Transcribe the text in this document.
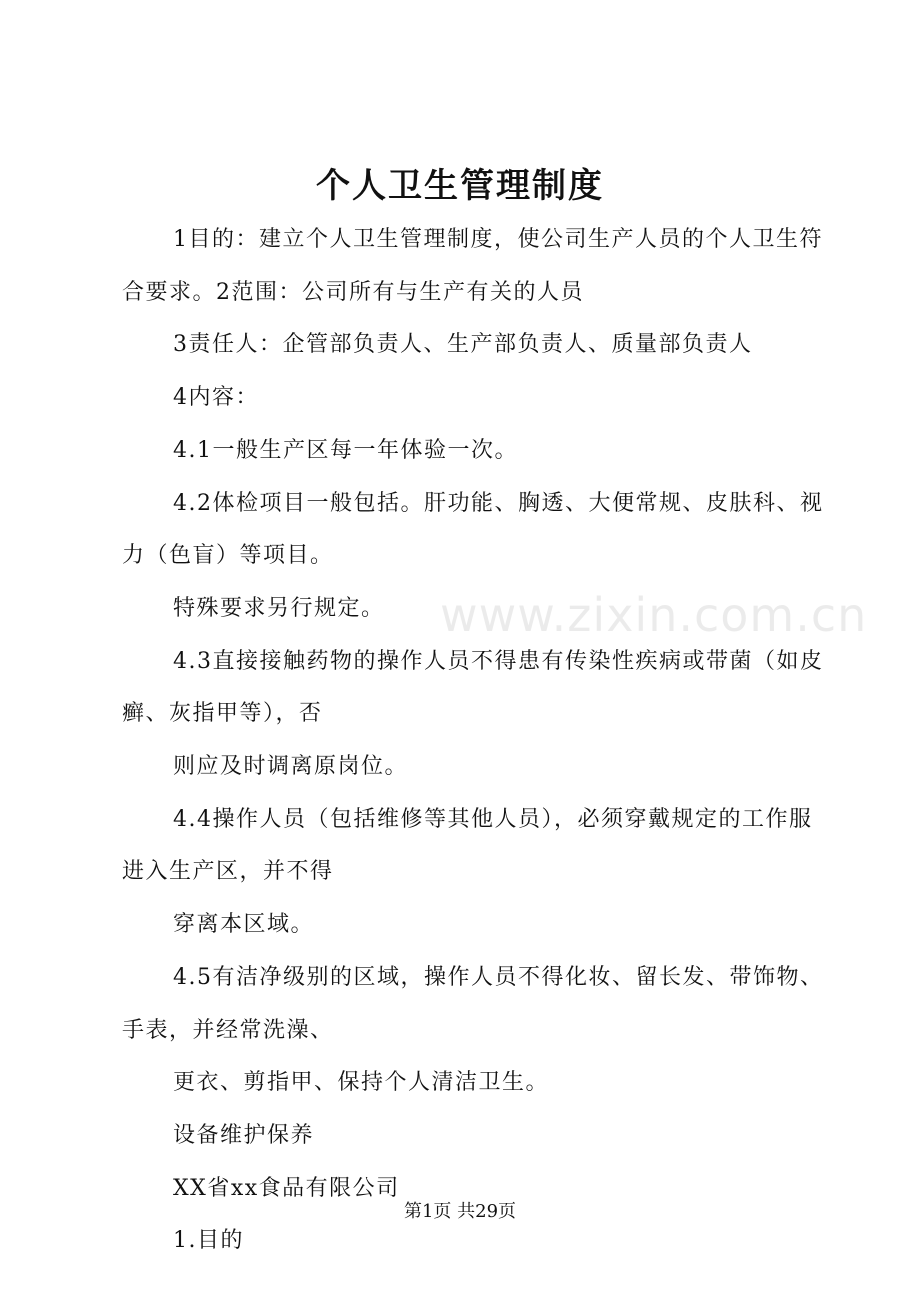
个人卫生管理制度

1目的：建立个人卫生管理制度，使公司生产人员的个人卫生符合要求。2范围：公司所有与生产有关的人员

3责任人：企管部负责人、生产部负责人、质量部负责人

4内容：

4.1一般生产区每一年体验一次。

4.2体检项目一般包括。肝功能、胸透、大便常规、皮肤科、视力（色盲）等项目。

特殊要求另行规定。

4.3直接接触药物的操作人员不得患有传染性疾病或带菌（如皮癣、灰指甲等），否

则应及时调离原岗位。

4.4操作人员（包括维修等其他人员），必须穿戴规定的工作服进入生产区，并不得

穿离本区域。

4.5有洁净级别的区域，操作人员不得化妆、留长发、带饰物、手表，并经常洗澡、

更衣、剪指甲、保持个人清洁卫生。

设备维护保养

XX省xx食品有限公司

1.目的

www.zixin.com.cn
第1页 共29页
